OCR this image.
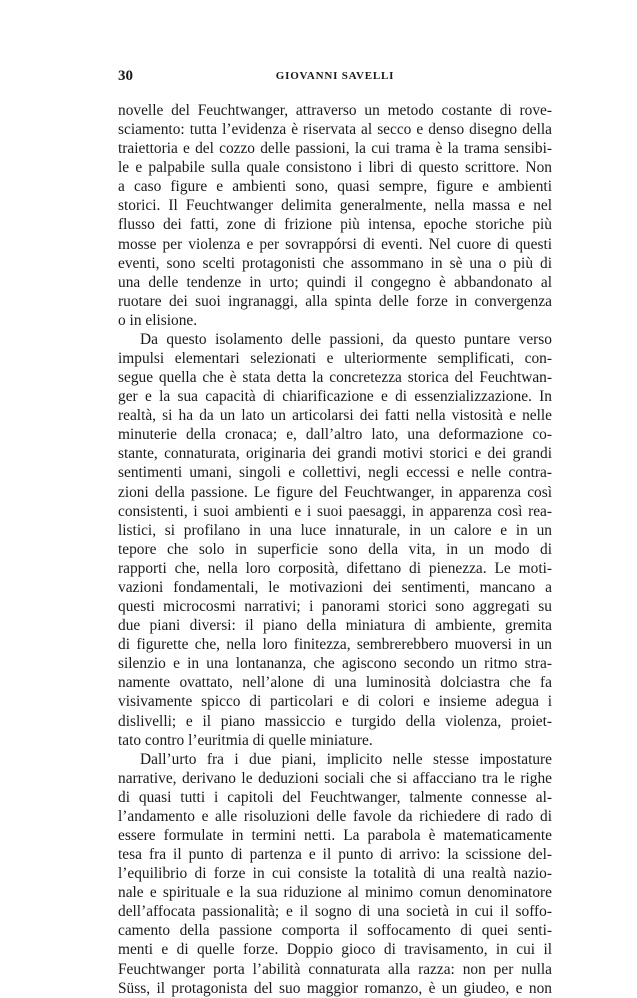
30	GIOVANNI SAVELLI
novelle del Feuchtwanger, attraverso un metodo costante di rove-
sciamento: tutta l’evidenza è riservata al secco e denso disegno della
traiettoria e del cozzo delle passioni, la cui trama è la trama sensibi-
le e palpabile sulla quale consistono i libri di questo scrittore. Non
a caso figure e ambienti sono, quasi sempre, figure e ambienti
storici. Il Feuchtwanger delimita generalmente, nella massa e nel
flusso dei fatti, zone di frizione più intensa, epoche storiche più
mosse per violenza e per sovrappórsi di eventi. Nel cuore di questi
eventi, sono scelti protagonisti che assommano in sè una o più di
una delle tendenze in urto; quindi il congegno è abbandonato al
ruotare dei suoi ingranaggi, alla spinta delle forze in convergenza
o in elisione.
Da questo isolamento delle passioni, da questo puntare verso
impulsi elementari selezionati e ulteriormente semplificati, con-
segue quella che è stata detta la concretezza storica del Feuchtwan-
ger e la sua capacità di chiarificazione e di essenzializzazione. In
realtà, si ha da un lato un articolarsi dei fatti nella vistosità e nelle
minuterie della cronaca; e, dall’altro lato, una deformazione co-
stante, connaturata, originaria dei grandi motivi storici e dei grandi
sentimenti umani, singoli e collettivi, negli eccessi e nelle contra-
zioni della passione. Le figure del Feuchtwanger, in apparenza così
consistenti, i suoi ambienti e i suoi paesaggi, in apparenza così rea-
listici, si profilano in una luce innaturale, in un calore e in un
tepore che solo in superficie sono della vita, in un modo di
rapporti che, nella loro corposità, difettano di pienezza. Le moti-
vazioni fondamentali, le motivazioni dei sentimenti, mancano a
questi microcosmi narrativi; i panorami storici sono aggregati su
due piani diversi: il piano della miniatura di ambiente, gremita
di figurette che, nella loro finitezza, sembrerebbero muoversi in un
silenzio e in una lontananza, che agiscono secondo un ritmo stra-
namente ovattato, nell’alone di una luminosità dolciastra che fa
visivamente spicco di particolari e di colori e insieme adegua i
dislivelli; e il piano massiccio e turgido della violenza, proiet-
tato contro l’euritmia di quelle miniature.
Dall’urto fra i due piani, implicito nelle stesse impostature
narrative, derivano le deduzioni sociali che si affacciano tra le righe
di quasi tutti i capitoli del Feuchtwanger, talmente connesse al-
l’andamento e alle risoluzioni delle favole da richiedere di rado di
essere formulate in termini netti. La parabola è matematicamente
tesa fra il punto di partenza e il punto di arrivo: la scissione del-
l’equilibrio di forze in cui consiste la totalità di una realtà nazio-
nale e spirituale e la sua riduzione al minimo comun denominatore
dell’affocata passionalità; e il sogno di una società in cui il soffo-
camento della passione comporta il soffocamento di quei senti-
menti e di quelle forze. Doppio gioco di travisamento, in cui il
Feuchtwanger porta l’abilità connaturata alla razza: non per nulla
Süss, il protagonista del suo maggior romanzo, è un giudeo, e non
